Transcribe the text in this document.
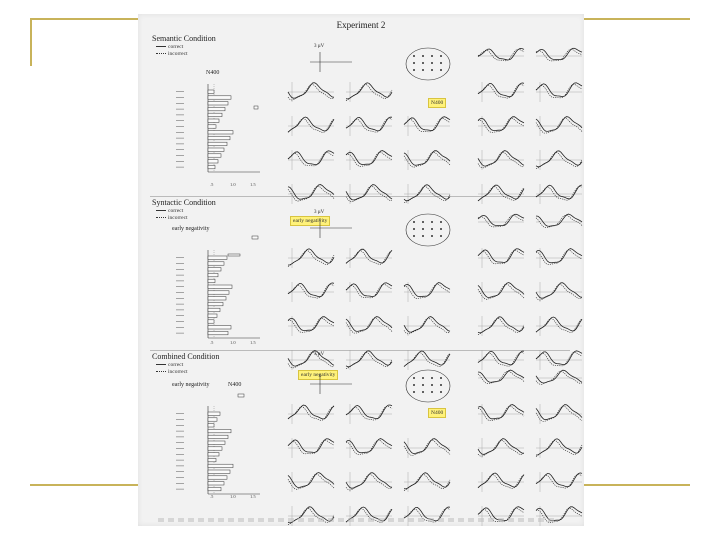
Experiment 2
Semantic Condition
correct
incorrect
N400
3 µV
N400
Syntactic Condition
correct
incorrect
early negativity
3 µV
early negativity
Combined Condition
correct
incorrect
early negativity	N400
3 µV
early negativity
N400
.5	1.0	1.5
.5	1.0	1.5
.5	1.0	1.5
